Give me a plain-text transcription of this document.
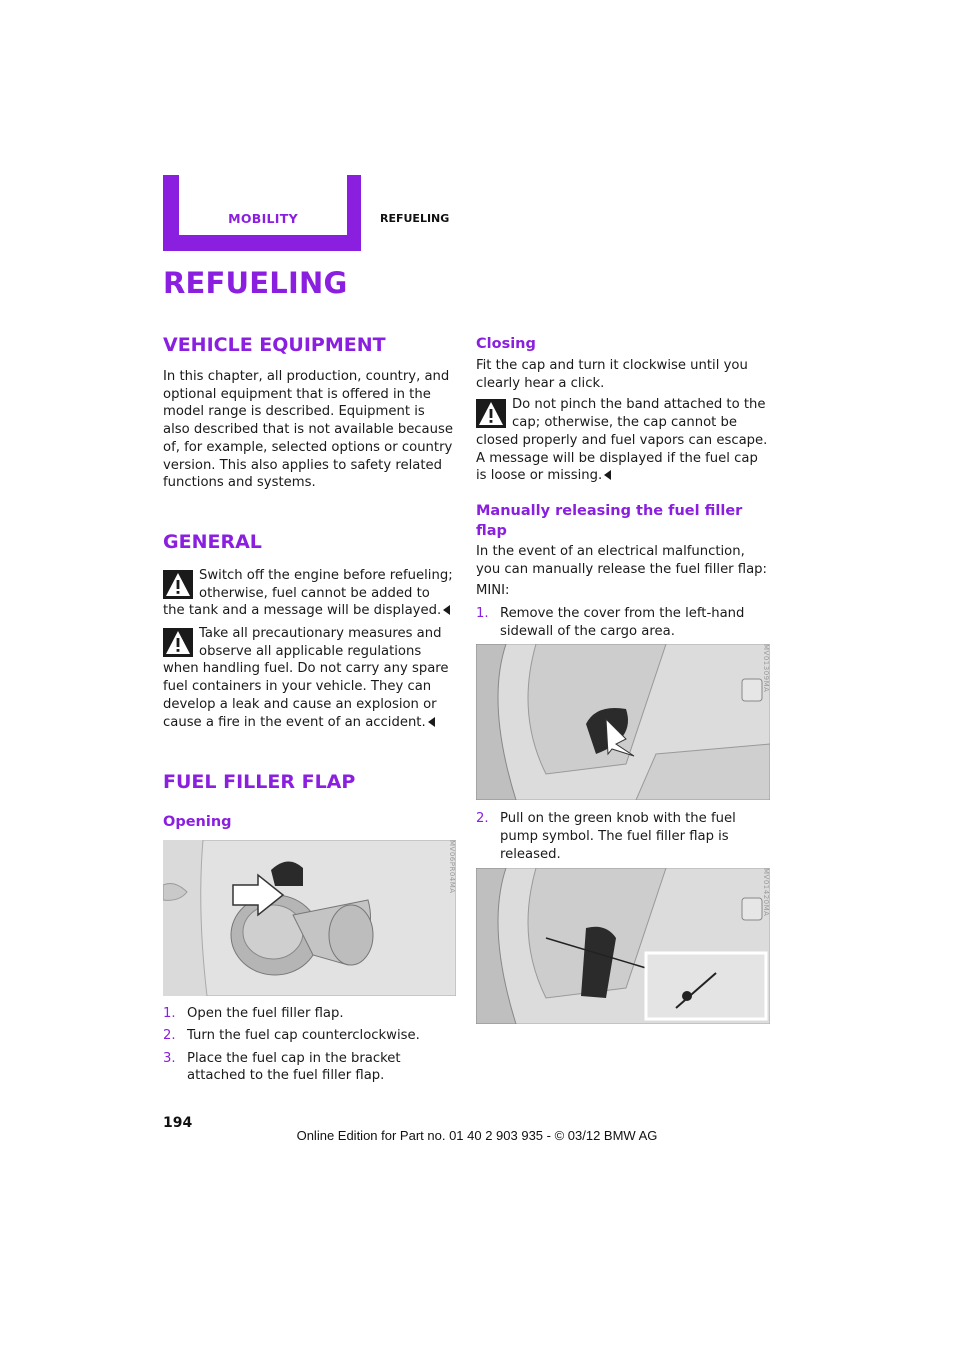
MOBILITY	REFUELING
REFUELING
VEHICLE EQUIPMENT

In this chapter, all production, country, and optional equipment that is offered in the model range is described. Equipment is also described that is not available because of, for example, selected options or country version. This also applies to safety related functions and systems.

GENERAL
Switch off the engine before refueling; otherwise, fuel cannot be added to the tank and a message will be displayed.
Take all precautionary measures and observe all applicable regulations when handling fuel. Do not carry any spare fuel containers in your vehicle. They can develop a leak and cause an explosion or cause a fire in the event of an accident.
FUEL FILLER FLAP
Opening
MV06PR04MA
1. Open the fuel filler flap.
2. Turn the fuel cap counterclockwise.
3. Place the fuel cap in the bracket attached to the fuel filler flap.
Closing

Fit the cap and turn it clockwise until you clearly hear a click.

Do not pinch the band attached to the cap; otherwise, the cap cannot be closed properly and fuel vapors can escape. A message will be displayed if the fuel cap is loose or missing.
Manually releasing the fuel filler flap

In the event of an electrical malfunction, you can manually release the fuel filler flap:

MINI:

1. Remove the cover from the left-hand sidewall of the cargo area.
MV01309MA
2. Pull on the green knob with the fuel pump symbol. The fuel filler flap is released.
MV01420MA
194
Online Edition for Part no. 01 40 2 903 935 - © 03/12 BMW AG
